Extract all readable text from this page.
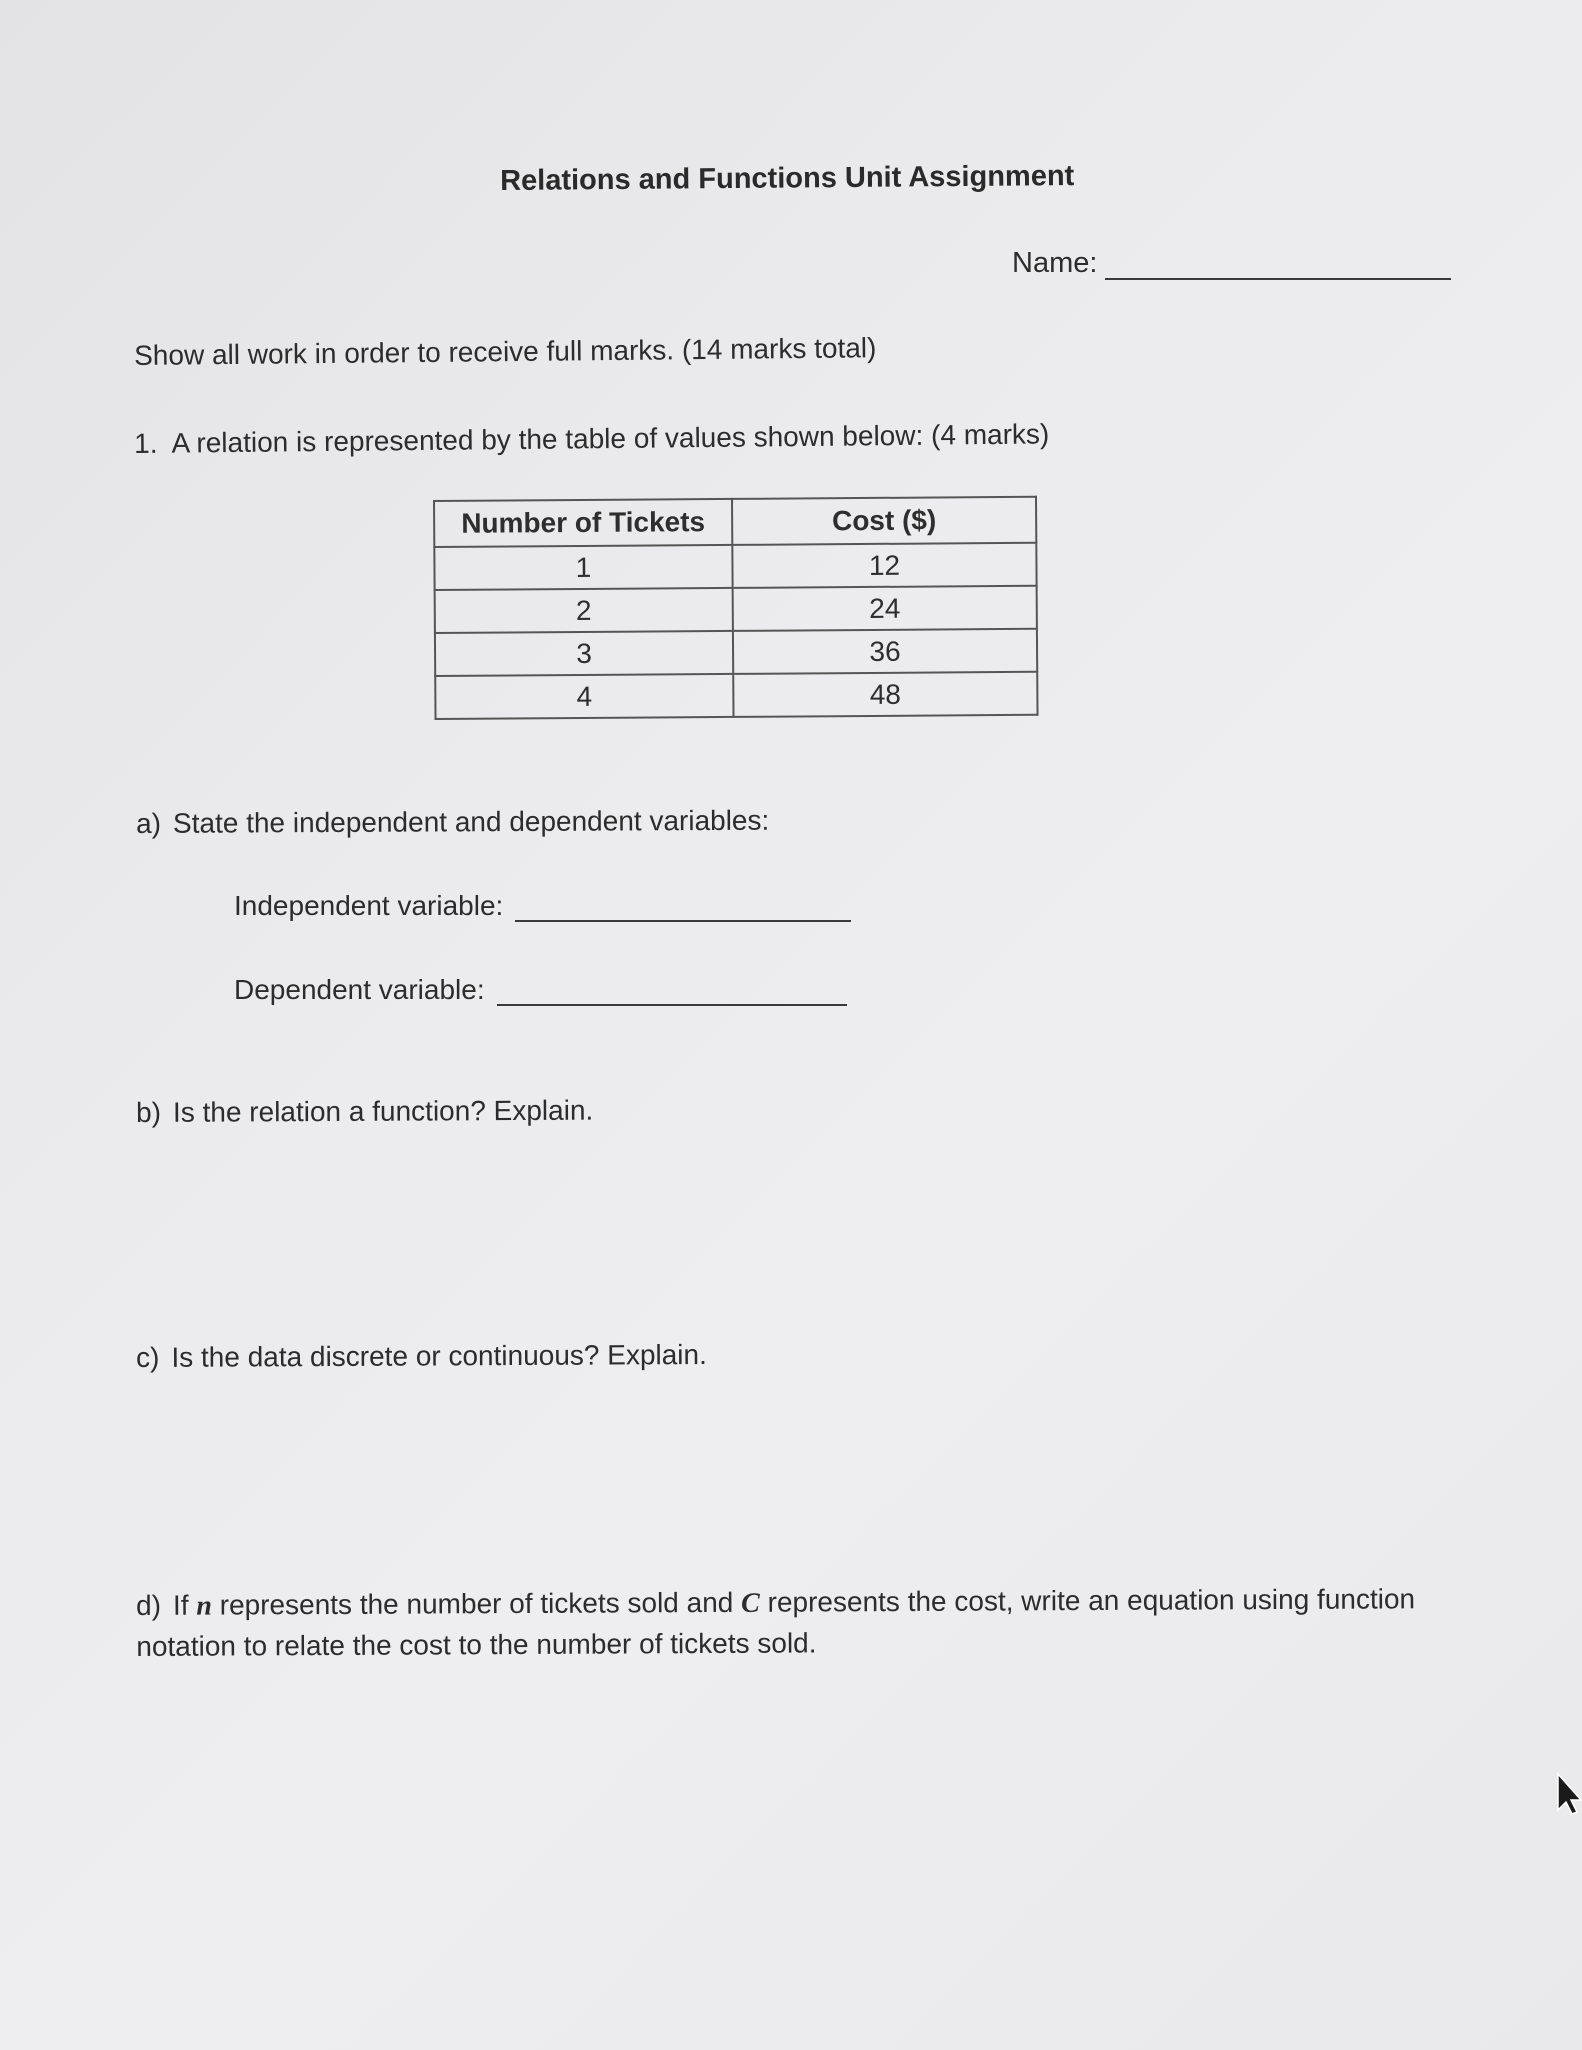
Relations and Functions Unit Assignment
Name:
Show all work in order to receive full marks. (14 marks total)
1. A relation is represented by the table of values shown below: (4 marks)
Number of Tickets	Cost ($)
1	12
2	24
3	36
4	48
a) State the independent and dependent variables:
Independent variable:
Dependent variable:
b) Is the relation a function? Explain.
c) Is the data discrete or continuous? Explain.
d) If n represents the number of tickets sold and C represents the cost, write an equation using function notation to relate the cost to the number of tickets sold.
